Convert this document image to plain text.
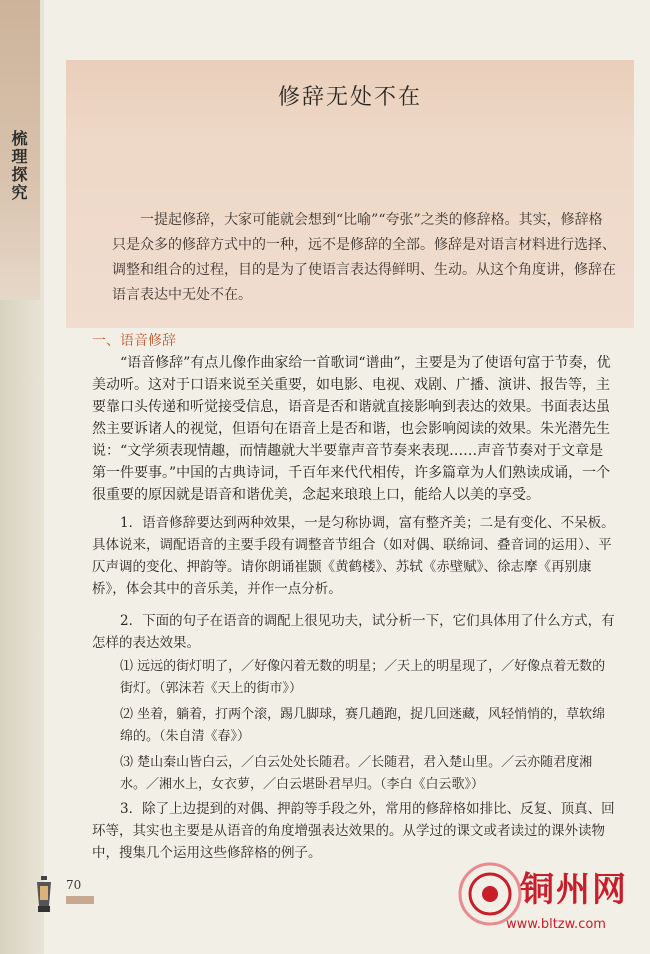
梳理探究
修辞无处不在
一提起修辞，大家可能就会想到“比喻”“夸张”之类的修辞格。其实，修辞格只是众多的修辞方式中的一种，远不是修辞的全部。修辞是对语言材料进行选择、调整和组合的过程，目的是为了使语言表达得鲜明、生动。从这个角度讲，修辞在语言表达中无处不在。
一、语音修辞
“语音修辞”有点儿像作曲家给一首歌词“谱曲”，主要是为了使语句富于节奏，优美动听。这对于口语来说至关重要，如电影、电视、戏剧、广播、演讲、报告等，主要靠口头传递和听觉接受信息，语音是否和谐就直接影响到表达的效果。书面表达虽然主要诉诸人的视觉，但语句在语音上是否和谐，也会影响阅读的效果。朱光潜先生说：“文学须表现情趣，而情趣就大半要靠声音节奏来表现……声音节奏对于文章是第一件要事。”中国的古典诗词，千百年来代代相传，许多篇章为人们熟读成诵，一个很重要的原因就是语音和谐优美，念起来琅琅上口，能给人以美的享受。
1．语音修辞要达到两种效果，一是匀称协调，富有整齐美；二是有变化、不呆板。具体说来，调配语音的主要手段有调整音节组合（如对偶、联绵词、叠音词的运用）、平仄声调的变化、押韵等。请你朗诵崔颢《黄鹤楼》、苏轼《赤壁赋》、徐志摩《再别康桥》，体会其中的音乐美，并作一点分析。
2．下面的句子在语音的调配上很见功夫，试分析一下，它们具体用了什么方式，有怎样的表达效果。
⑴ 远远的街灯明了，／好像闪着无数的明星；／天上的明星现了，／好像点着无数的街灯。（郭沫若《天上的街市》）
⑵ 坐着，躺着，打两个滚，踢几脚球，赛几趟跑，捉几回迷藏，风轻悄悄的，草软绵绵的。（朱自清《春》）
⑶ 楚山秦山皆白云，／白云处处长随君。／长随君，君入楚山里。／云亦随君度湘水。／湘水上，女衣萝，／白云堪卧君早归。（李白《白云歌》）
3．除了上边提到的对偶、押韵等手段之外，常用的修辞格如排比、反复、顶真、回环等，其实也主要是从语音的角度增强表达效果的。从学过的课文或者读过的课外读物中，搜集几个运用这些修辞格的例子。
70	铜州网
www.bltzw.com
